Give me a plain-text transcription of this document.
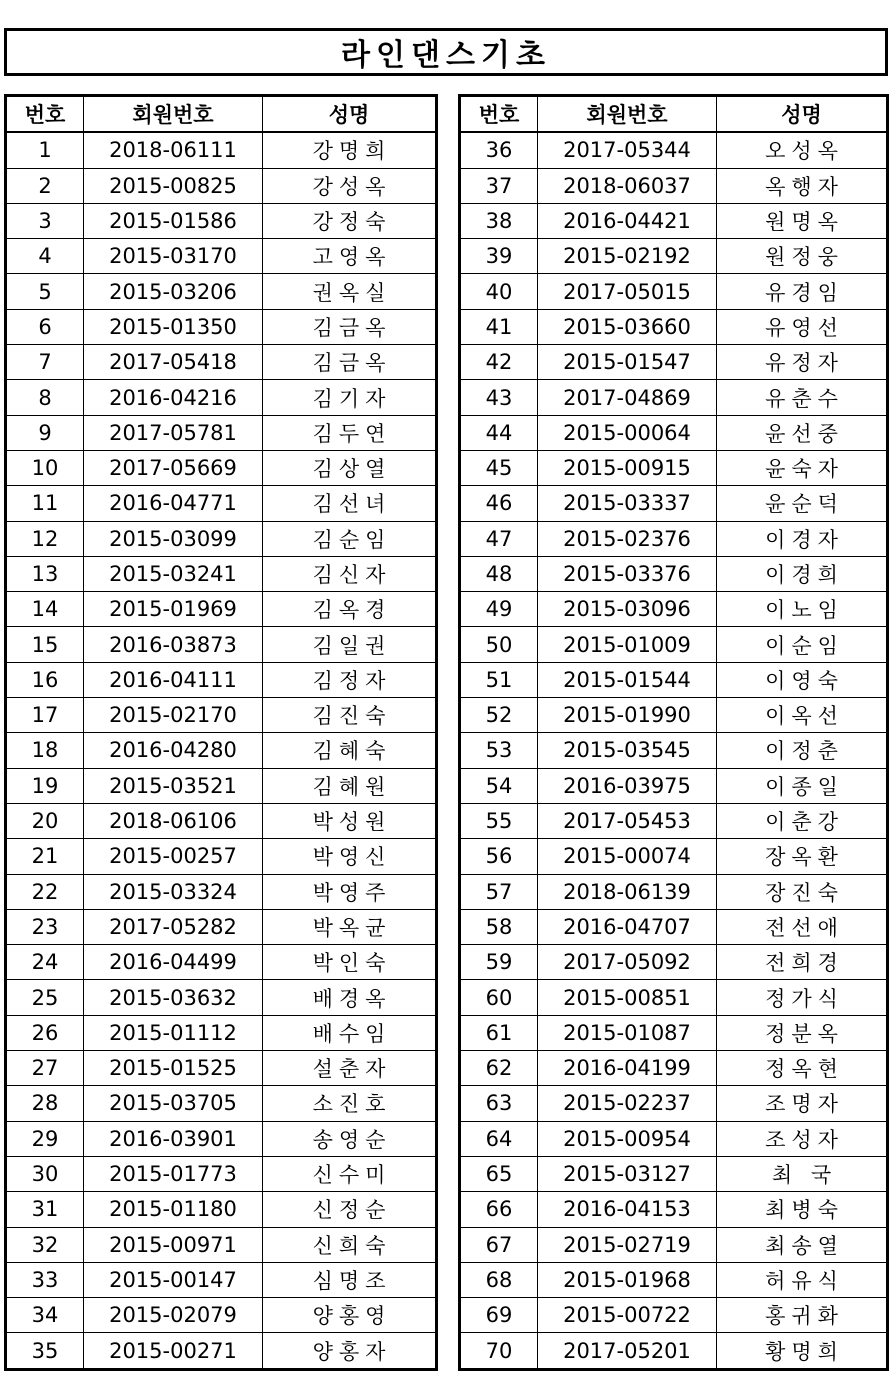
라인댄스기초
번호	회원번호	성명
1	2018-06111	강명희
2	2015-00825	강성옥
3	2015-01586	강정숙
4	2015-03170	고영옥
5	2015-03206	권옥실
6	2015-01350	김금옥
7	2017-05418	김금옥
8	2016-04216	김기자
9	2017-05781	김두연
10	2017-05669	김상열
11	2016-04771	김선녀
12	2015-03099	김순임
13	2015-03241	김신자
14	2015-01969	김옥경
15	2016-03873	김일권
16	2016-04111	김정자
17	2015-02170	김진숙
18	2016-04280	김혜숙
19	2015-03521	김혜원
20	2018-06106	박성원
21	2015-00257	박영신
22	2015-03324	박영주
23	2017-05282	박옥균
24	2016-04499	박인숙
25	2015-03632	배경옥
26	2015-01112	배수임
27	2015-01525	설춘자
28	2015-03705	소진호
29	2016-03901	송영순
30	2015-01773	신수미
31	2015-01180	신정순
32	2015-00971	신희숙
33	2015-00147	심명조
34	2015-02079	양홍영
35	2015-00271	양홍자
번호	회원번호	성명
36	2017-05344	오성옥
37	2018-06037	옥행자
38	2016-04421	원명옥
39	2015-02192	원정웅
40	2017-05015	유경임
41	2015-03660	유영선
42	2015-01547	유정자
43	2017-04869	유춘수
44	2015-00064	윤선중
45	2015-00915	윤숙자
46	2015-03337	윤순덕
47	2015-02376	이경자
48	2015-03376	이경희
49	2015-03096	이노임
50	2015-01009	이순임
51	2015-01544	이영숙
52	2015-01990	이옥선
53	2015-03545	이정춘
54	2016-03975	이종일
55	2017-05453	이춘강
56	2015-00074	장옥환
57	2018-06139	장진숙
58	2016-04707	전선애
59	2017-05092	전희경
60	2015-00851	정가식
61	2015-01087	정분옥
62	2016-04199	정옥현
63	2015-02237	조명자
64	2015-00954	조성자
65	2015-03127	최 국
66	2016-04153	최병숙
67	2015-02719	최송열
68	2015-01968	허유식
69	2015-00722	홍귀화
70	2017-05201	황명희
